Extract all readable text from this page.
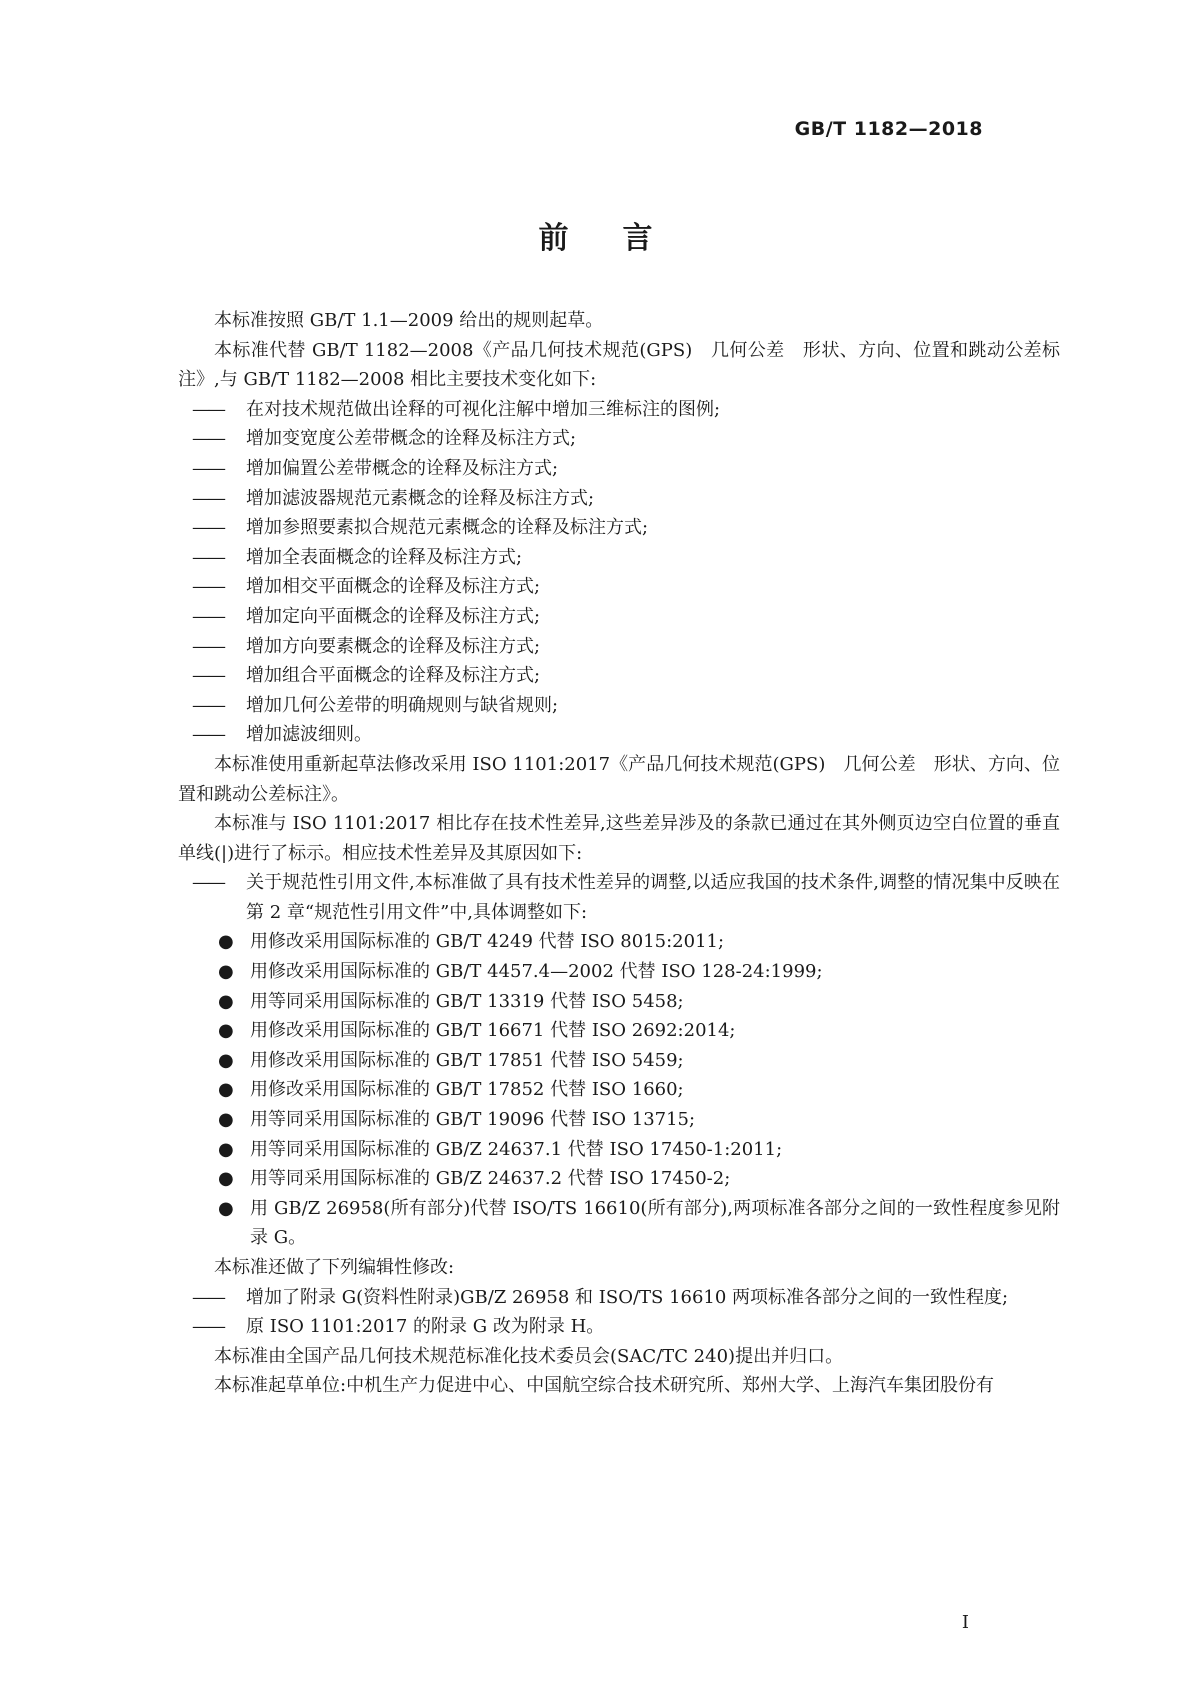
GB/T 1182—2018
前言

本标准按照 GB/T 1.1—2009 给出的规则起草。

本标准代替 GB/T 1182—2008《产品几何技术规范(GPS)　几何公差　形状、方向、位置和跳动公差标注》,与 GB/T 1182—2008 相比主要技术变化如下:

—— 在对技术规范做出诠释的可视化注解中增加三维标注的图例;

—— 增加变宽度公差带概念的诠释及标注方式;

—— 增加偏置公差带概念的诠释及标注方式;

—— 增加滤波器规范元素概念的诠释及标注方式;

—— 增加参照要素拟合规范元素概念的诠释及标注方式;

—— 增加全表面概念的诠释及标注方式;

—— 增加相交平面概念的诠释及标注方式;

—— 增加定向平面概念的诠释及标注方式;

—— 增加方向要素概念的诠释及标注方式;

—— 增加组合平面概念的诠释及标注方式;

—— 增加几何公差带的明确规则与缺省规则;

—— 增加滤波细则。

本标准使用重新起草法修改采用 ISO 1101:2017《产品几何技术规范(GPS)　几何公差　形状、方向、位置和跳动公差标注》。

本标准与 ISO 1101:2017 相比存在技术性差异,这些差异涉及的条款已通过在其外侧页边空白位置的垂直单线(|)进行了标示。相应技术性差异及其原因如下:

—— 关于规范性引用文件,本标准做了具有技术性差异的调整,以适应我国的技术条件,调整的情况集中反映在第 2 章“规范性引用文件”中,具体调整如下:

● 用修改采用国际标准的 GB/T 4249 代替 ISO 8015:2011;
● 用修改采用国际标准的 GB/T 4457.4—2002 代替 ISO 128-24:1999;
● 用等同采用国际标准的 GB/T 13319 代替 ISO 5458;
● 用修改采用国际标准的 GB/T 16671 代替 ISO 2692:2014;
● 用修改采用国际标准的 GB/T 17851 代替 ISO 5459;
● 用修改采用国际标准的 GB/T 17852 代替 ISO 1660;
● 用等同采用国际标准的 GB/T 19096 代替 ISO 13715;
● 用等同采用国际标准的 GB/Z 24637.1 代替 ISO 17450-1:2011;
● 用等同采用国际标准的 GB/Z 24637.2 代替 ISO 17450-2;
● 用 GB/Z 26958(所有部分)代替 ISO/TS 16610(所有部分),两项标准各部分之间的一致性程度参见附录 G。

本标准还做了下列编辑性修改:

—— 增加了附录 G(资料性附录)GB/Z 26958 和 ISO/TS 16610 两项标准各部分之间的一致性程度;

—— 原 ISO 1101:2017 的附录 G 改为附录 H。

本标准由全国产品几何技术规范标准化技术委员会(SAC/TC 240)提出并归口。

本标准起草单位:中机生产力促进中心、中国航空综合技术研究所、郑州大学、上海汽车集团股份有

I
